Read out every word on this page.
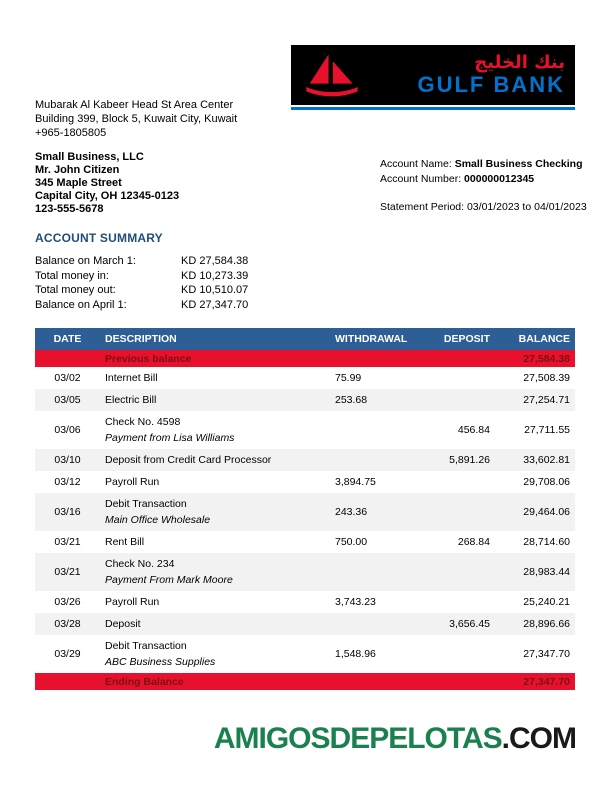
بنك الخليج
GULF BANK
Mubarak Al Kabeer Head St Area Center
Building 399, Block 5, Kuwait City, Kuwait
+965-1805805
Small Business, LLC
Mr. John Citizen
345 Maple Street
Capital City, OH 12345-0123
123-555-5678
Account Name: Small Business Checking
Account Number: 000000012345
Statement Period: 03/01/2023 to 04/01/2023
ACCOUNT SUMMARY
Balance on March 1:	KD 27,584.38
Total money in:	KD 10,273.39
Total money out:	KD 10,510.07
Balance on April 1:	KD 27,347.70
DATE	DESCRIPTION	WITHDRAWAL	DEPOSIT	BALANCE
	Previous balance			27,584.38
03/02	Internet Bill	75.99		27,508.39
03/05	Electric Bill	253.68		27,254.71
03/06	Check No. 4598
Payment from Lisa Williams		456.84	27,711.55
03/10	Deposit from Credit Card Processor		5,891.26	33,602.81
03/12	Payroll Run	3,894.75		29,708.06
03/16	Debit Transaction
Main Office Wholesale	243.36		29,464.06
03/21	Rent Bill	750.00	268.84	28,714.60
03/21	Check No. 234
Payment From Mark Moore			28,983.44
03/26	Payroll Run	3,743.23		25,240.21
03/28	Deposit		3,656.45	28,896.66
03/29	Debit Transaction
ABC Business Supplies	1,548.96		27,347.70
	Ending Balance			27,347.70
AMIGOSDEPELOTAS.COM
